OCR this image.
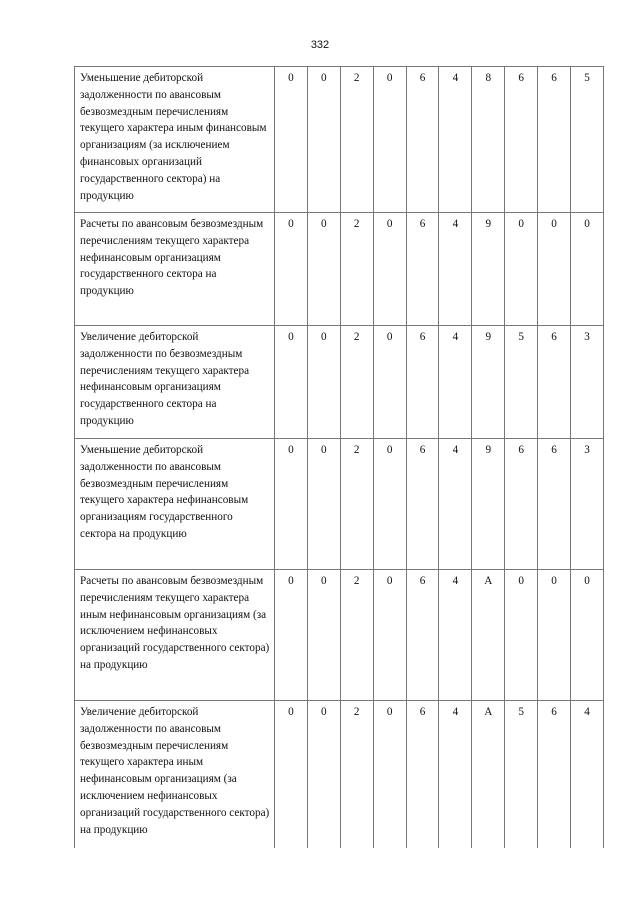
332
Уменьшение дебиторской задолженности по авансовым безвозмездным перечислениям текущего характера иным финансовым организациям (за исключением финансовых организаций государственного сектора) на продукцию	0	0	2	0	6	4	8	6	6	5
Расчеты по авансовым безвозмездным перечислениям текущего характера нефинансовым организациям государственного сектора на продукцию	0	0	2	0	6	4	9	0	0	0
Увеличение дебиторской задолженности по безвозмездным перечислениям текущего характера нефинансовым организациям государственного сектора на продукцию	0	0	2	0	6	4	9	5	6	3
Уменьшение дебиторской задолженности по авансовым безвозмездным перечислениям текущего характера нефинансовым организациям государственного сектора на продукцию	0	0	2	0	6	4	9	6	6	3
Расчеты по авансовым безвозмездным перечислениям текущего характера иным нефинансовым организациям (за исключением нефинансовых организаций государственного сектора) на продукцию	0	0	2	0	6	4	А	0	0	0
Увеличение дебиторской задолженности по авансовым безвозмездным перечислениям текущего характера иным нефинансовым организациям (за исключением нефинансовых организаций государственного сектора) на продукцию	0	0	2	0	6	4	А	5	6	4
